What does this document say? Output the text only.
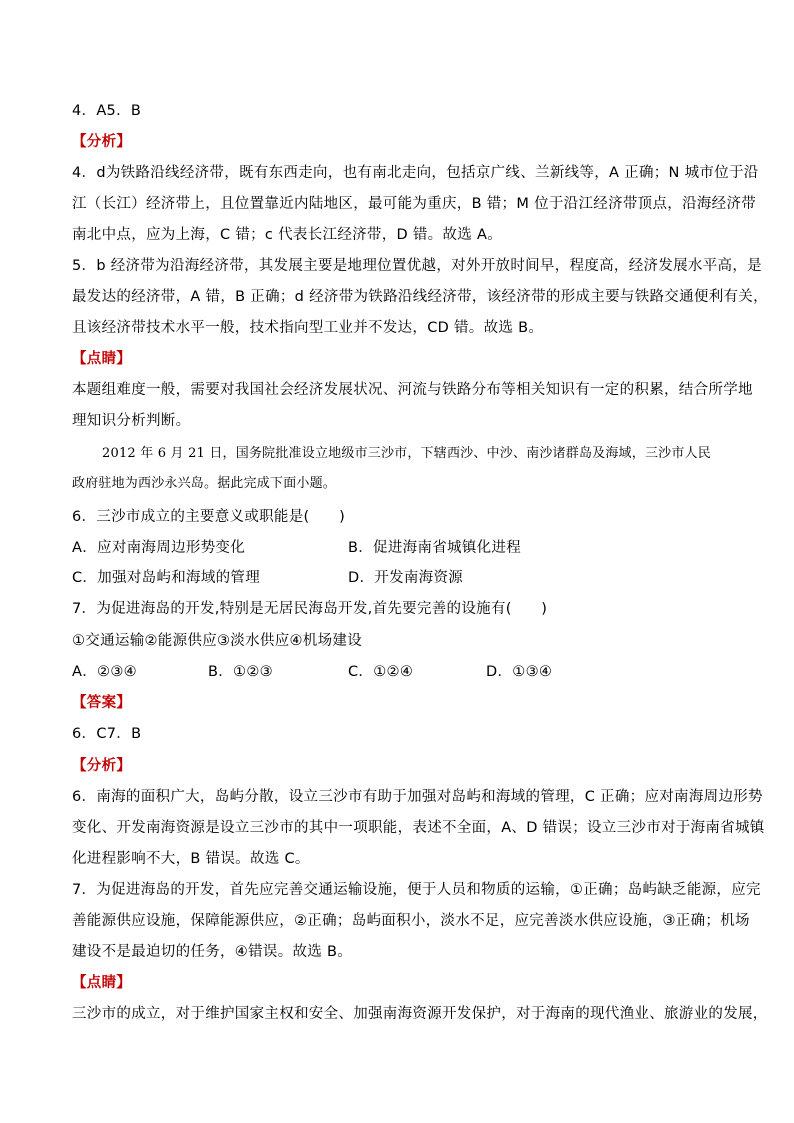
4．A5．B
【分析】
4．d为铁路沿线经济带，既有东西走向，也有南北走向，包括京广线、兰新线等，A 正确；N 城市位于沿
江（长江）经济带上，且位置靠近内陆地区，最可能为重庆，B 错；M 位于沿江经济带顶点，沿海经济带
南北中点，应为上海，C 错；c 代表长江经济带，D 错。故选 A。
5．b 经济带为沿海经济带，其发展主要是地理位置优越，对外开放时间早，程度高，经济发展水平高，是
最发达的经济带，A 错，B 正确；d 经济带为铁路沿线经济带，该经济带的形成主要与铁路交通便利有关，
且该经济带技术水平一般，技术指向型工业并不发达，CD 错。故选 B。
【点睛】
本题组难度一般，需要对我国社会经济发展状况、河流与铁路分布等相关知识有一定的积累，结合所学地
理知识分析判断。
2012 年 6 月 21 日，国务院批准设立地级市三沙市，下辖西沙、中沙、南沙诸群岛及海域，三沙市人民
政府驻地为西沙永兴岛。据此完成下面小题。
6．三沙市成立的主要意义或职能是(　　)
A．应对南海周边形势变化	B．促进海南省城镇化进程
C．加强对岛屿和海域的管理	D．开发南海资源
7．为促进海岛的开发,特别是无居民海岛开发,首先要完善的设施有(　　)
①交通运输②能源供应③淡水供应④机场建设
A．②③④	B．①②③	C．①②④	D．①③④
【答案】
6．C7．B
【分析】
6．南海的面积广大，岛屿分散，设立三沙市有助于加强对岛屿和海域的管理，C 正确；应对南海周边形势
变化、开发南海资源是设立三沙市的其中一项职能，表述不全面，A、D 错误；设立三沙市对于海南省城镇
化进程影响不大，B 错误。故选 C。
7．为促进海岛的开发，首先应完善交通运输设施，便于人员和物质的运输，①正确；岛屿缺乏能源，应完
善能源供应设施，保障能源供应，②正确；岛屿面积小，淡水不足，应完善淡水供应设施，③正确；机场
建设不是最迫切的任务，④错误。故选 B。
【点睛】
三沙市的成立，对于维护国家主权和安全、加强南海资源开发保护，对于海南的现代渔业、旅游业的发展，
